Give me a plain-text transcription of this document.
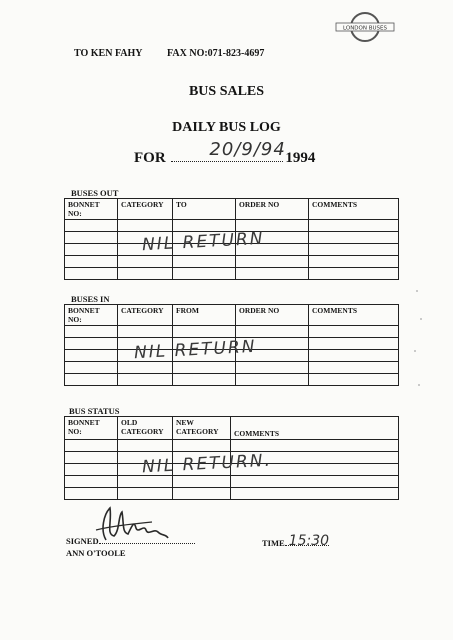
TO KEN FAHY FAX NO:071-823-4697
LONDON BUSES
BUS SALES
DAILY BUS LOG
FOR 20/9/94 1994
BUSES OUT
BONNET NO:	CATEGORY	TO	ORDER NO	COMMENTS

NIL RETURN
BUSES IN
BONNET NO:	CATEGORY	FROM	ORDER NO	COMMENTS

NIL RETURN
BUS STATUS
BONNET NO:	OLD CATEGORY	NEW CATEGORY	COMMENTS

NIL RETURN.
SIGNED
ANN O'TOOLE
TIME 15:30
